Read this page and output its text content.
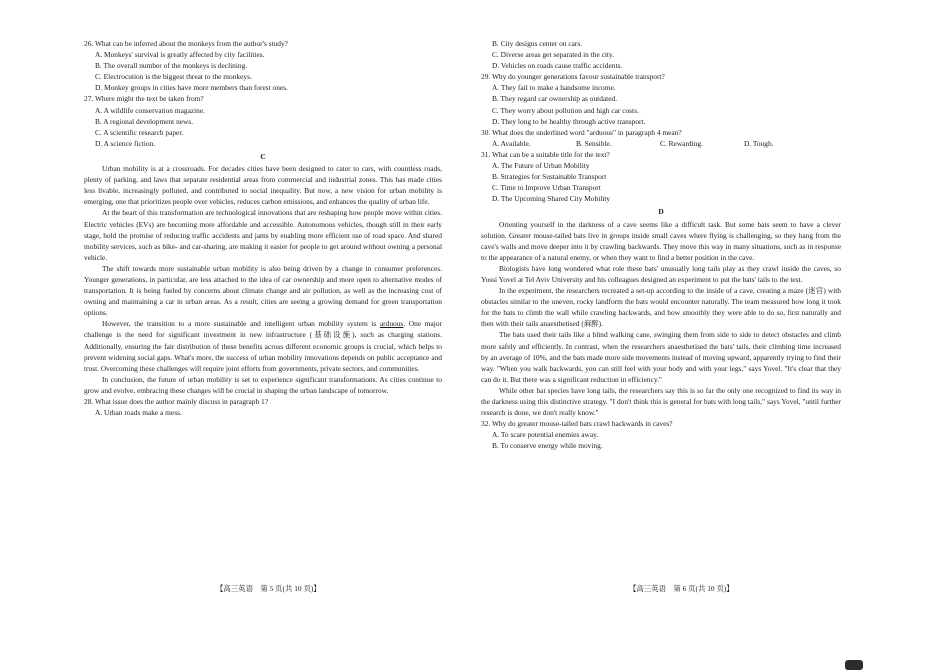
26. What can be inferred about the monkeys from the author's study?

A. Monkeys' survival is greatly affected by city facilities.

B. The overall number of the monkeys is declining.

C. Electrocution is the biggest threat to the monkeys.

D. Monkey groups in cities have more members than forest ones.

27. Where might the text be taken from?

A. A wildlife conservation magazine.

B. A regional development news.

C. A scientific research paper.

D. A science fiction.

C

Urban mobility is at a crossroads. For decades cities have been designed to cater to cars, with countless roads, plenty of parking, and laws that separate residential areas from commercial and industrial zones. This has made cities less livable, increasingly polluted, and contributed to social inequality. But now, a new vision for urban mobility is emerging, one that prioritizes people over vehicles, reduces carbon emissions, and enhances the quality of urban life.

At the heart of this transformation are technological innovations that are reshaping how people move within cities. Electric vehicles (EVs) are becoming more affordable and accessible. Autonomous vehicles, though still in their early stage, hold the promise of reducing traffic accidents and jams by enabling more efficient use of road space. And shared mobility services, such as bike- and car-sharing, are making it easier for people to get around without owning a personal vehicle.

The shift towards more sustainable urban mobility is also being driven by a change in consumer preferences. Younger generations, in particular, are less attached to the idea of car ownership and more open to alternative modes of transportation. It is being fueled by concerns about climate change and air pollution, as well as the increasing cost of owning and maintaining a car in urban areas. As a result, cities are seeing a growing demand for green transportation options.

However, the transition to a more sustainable and intelligent urban mobility system is arduous. One major challenge is the need for significant investment in new infrastructure (基础设施), such as charging stations. Additionally, ensuring the fair distribution of these benefits across different economic groups is crucial, which helps to prevent widening social gaps. What's more, the success of urban mobility innovations depends on public acceptance and trust. Overcoming these challenges will require joint efforts from governments, private sectors, and communities.

In conclusion, the future of urban mobility is set to experience significant transformations. As cities continue to grow and evolve, embracing these changes will be crucial in shaping the urban landscape of tomorrow.

28. What issue does the author mainly discuss in paragraph 1?

A. Urban roads make a mess.

B. City designs center on cars.

C. Diverse areas get separated in the city.

D. Vehicles on roads cause traffic accidents.

29. Why do younger generations favour sustainable transport?

A. They fail to make a handsome income.

B. They regard car ownership as outdated.

C. They worry about pollution and high car costs.

D. They long to be healthy through active transport.

30. What does the underlined word "arduous" in paragraph 4 mean?

A. Available.	B. Sensible.	C. Rewarding.	D. Tough.

31. What can be a suitable title for the text?

A. The Future of Urban Mobility

B. Strategies for Sustainable Transport

C. Time to Improve Urban Transport

D. The Upcoming Shared City Mobility

D

Orienting yourself in the darkness of a cave seems like a difficult task. But some bats seem to have a clever solution. Greater mouse-tailed bats live in groups inside small caves where flying is challenging, so they hang from the cave's walls and move deeper into it by crawling backwards. They move this way in many situations, such as in response to the appearance of a natural enemy, or when they want to find a better position in the cave.

Biologists have long wondered what role these bats' unusually long tails play as they crawl inside the caves, so Yossi Yovel at Tel Aviv University and his colleagues designed an experiment to put the bats' tails to the test.

In the experiment, the researchers recreated a set-up according to the inside of a cave, creating a maze (迷宫) with obstacles similar to the uneven, rocky landform the bats would encounter naturally. The team measured how long it took for the bats to climb the wall while crawling backwards, and how smoothly they were able to do so, first naturally and then with their tails anaesthetised (麻醉).

The bats used their tails like a blind walking cane, swinging them from side to side to detect obstacles and climb more safely and efficiently. In contrast, when the researchers anaesthetised the bats' tails, their climbing time increased by an average of 10%, and the bats made more side movements instead of moving upward, apparently trying to find their way. "When you walk backwards, you can still feel with your body and with your legs," says Yovel. "It's clear that they can do it. But there was a significant reduction in efficiency."

While other bat species have long tails, the researchers say this is so far the only one recognized to find its way in the darkness using this distinctive strategy. "I don't think this is general for bats with long tails," says Yovel, "until further research is done, we don't really know."

32. Why do greater mouse-tailed bats crawl backwards in caves?

A. To scare potential enemies away.

B. To conserve energy while moving.

【高三英语　第 5 页(共 10 页)】	【高三英语　第 6 页(共 10 页)】
